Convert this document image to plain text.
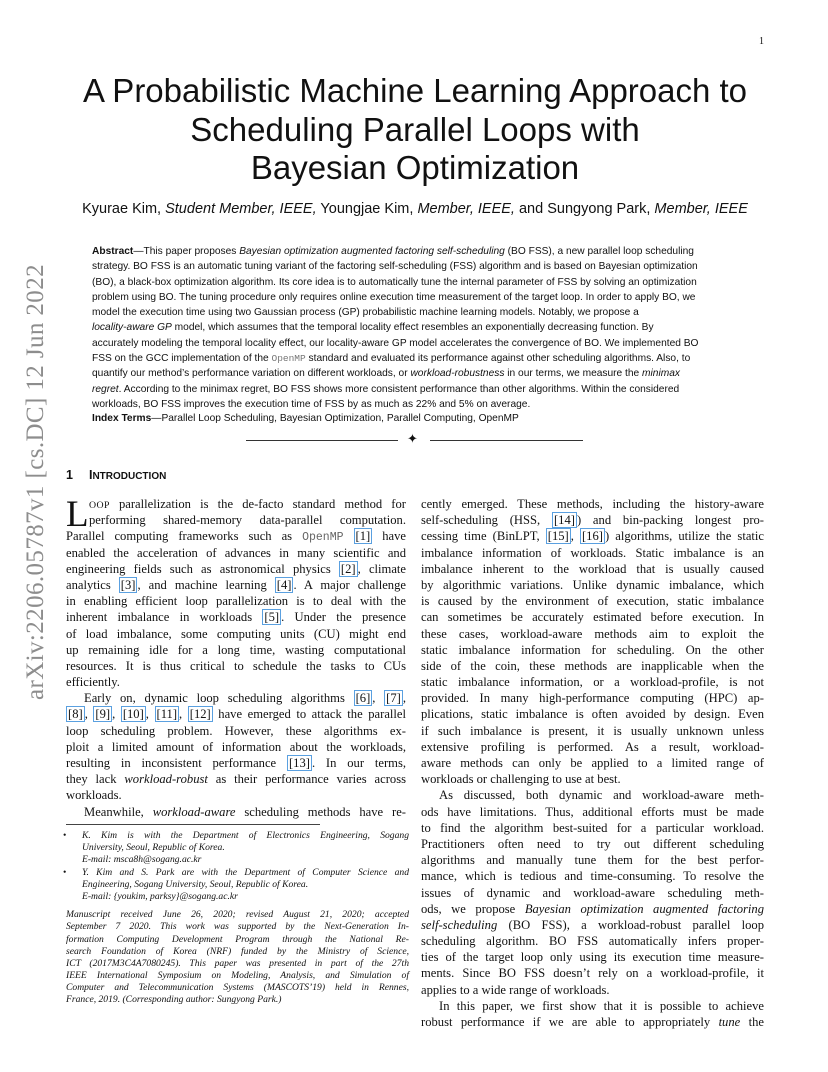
1
arXiv:2206.05787v1 [cs.DC] 12 Jun 2022
A Probabilistic Machine Learning Approach to
Scheduling Parallel Loops with
Bayesian Optimization
Kyurae Kim, Student Member, IEEE, Youngjae Kim, Member, IEEE, and Sungyong Park, Member, IEEE
Abstract—This paper proposes Bayesian optimization augmented factoring self-scheduling (BO FSS), a new parallel loop scheduling
strategy. BO FSS is an automatic tuning variant of the factoring self-scheduling (FSS) algorithm and is based on Bayesian optimization
(BO), a black-box optimization algorithm. Its core idea is to automatically tune the internal parameter of FSS by solving an optimization
problem using BO. The tuning procedure only requires online execution time measurement of the target loop. In order to apply BO, we
model the execution time using two Gaussian process (GP) probabilistic machine learning models. Notably, we propose a
locality-aware GP model, which assumes that the temporal locality effect resembles an exponentially decreasing function. By
accurately modeling the temporal locality effect, our locality-aware GP model accelerates the convergence of BO. We implemented BO
FSS on the GCC implementation of the OpenMP standard and evaluated its performance against other scheduling algorithms. Also, to
quantify our method’s performance variation on different workloads, or workload-robustness in our terms, we measure the minimax
regret. According to the minimax regret, BO FSS shows more consistent performance than other algorithms. Within the considered
workloads, BO FSS improves the execution time of FSS by as much as 22% and 5% on average.
Index Terms—Parallel Loop Scheduling, Bayesian Optimization, Parallel Computing, OpenMP
✦
1 INTRODUCTION
L OOP parallelization is the de-facto standard method for
performing shared-memory data-parallel computation.
Parallel computing frameworks such as OpenMP [1] have
enabled the acceleration of advances in many scientific and
engineering fields such as astronomical physics [2] , climate
analytics [3] , and machine learning [4] . A major challenge
in enabling efficient loop parallelization is to deal with the
inherent imbalance in workloads [5] . Under the presence
of load imbalance, some computing units (CU) might end
up remaining idle for a long time, wasting computational
resources. It is thus critical to schedule the tasks to CUs
efficiently.
Early on, dynamic loop scheduling algorithms [6] , [7] ,
[8] , [9] , [10] , [11] , [12] have emerged to attack the parallel
loop scheduling problem. However, these algorithms ex-
ploit a limited amount of information about the workloads,
resulting in inconsistent performance [13] . In our terms,
they lack workload-robust as their performance varies across
workloads.
Meanwhile, workload-aware scheduling methods have re-
• K. Kim is with the Department of Electronics Engineering, Sogang
University, Seoul, Republic of Korea.
E-mail: msca8h@sogang.ac.kr
• Y. Kim and S. Park are with the Department of Computer Science and
Engineering, Sogang University, Seoul, Republic of Korea.
E-mail: {youkim, parksy}@sogang.ac.kr
Manuscript received June 26, 2020; revised August 21, 2020; accepted
September 7 2020. This work was supported by the Next-Generation In-
formation Computing Development Program through the National Re-
search Foundation of Korea (NRF) funded by the Ministry of Science,
ICT (2017M3C4A7080245). This paper was presented in part of the 27th
IEEE International Symposium on Modeling, Analysis, and Simulation of
Computer and Telecommunication Systems (MASCOTS’19) held in Rennes,
France, 2019. (Corresponding author: Sungyong Park.)
cently emerged. These methods, including the history-aware
self-scheduling (HSS, [14] ) and bin-packing longest pro-
cessing time (BinLPT, [15] , [16] ) algorithms, utilize the static
imbalance information of workloads. Static imbalance is an
imbalance inherent to the workload that is usually caused
by algorithmic variations. Unlike dynamic imbalance, which
is caused by the environment of execution, static imbalance
can sometimes be accurately estimated before execution. In
these cases, workload-aware methods aim to exploit the
static imbalance information for scheduling. On the other
side of the coin, these methods are inapplicable when the
static imbalance information, or a workload-profile, is not
provided. In many high-performance computing (HPC) ap-
plications, static imbalance is often avoided by design. Even
if such imbalance is present, it is usually unknown unless
extensive profiling is performed. As a result, workload-
aware methods can only be applied to a limited range of
workloads or challenging to use at best.
As discussed, both dynamic and workload-aware meth-
ods have limitations. Thus, additional efforts must be made
to find the algorithm best-suited for a particular workload.
Practitioners often need to try out different scheduling
algorithms and manually tune them for the best perfor-
mance, which is tedious and time-consuming. To resolve the
issues of dynamic and workload-aware scheduling meth-
ods, we propose Bayesian optimization augmented factoring
self-scheduling (BO FSS), a workload-robust parallel loop
scheduling algorithm. BO FSS automatically infers proper-
ties of the target loop only using its execution time measure-
ments. Since BO FSS doesn’t rely on a workload-profile, it
applies to a wide range of workloads.
In this paper, we first show that it is possible to achieve
robust performance if we are able to appropriately tune the
